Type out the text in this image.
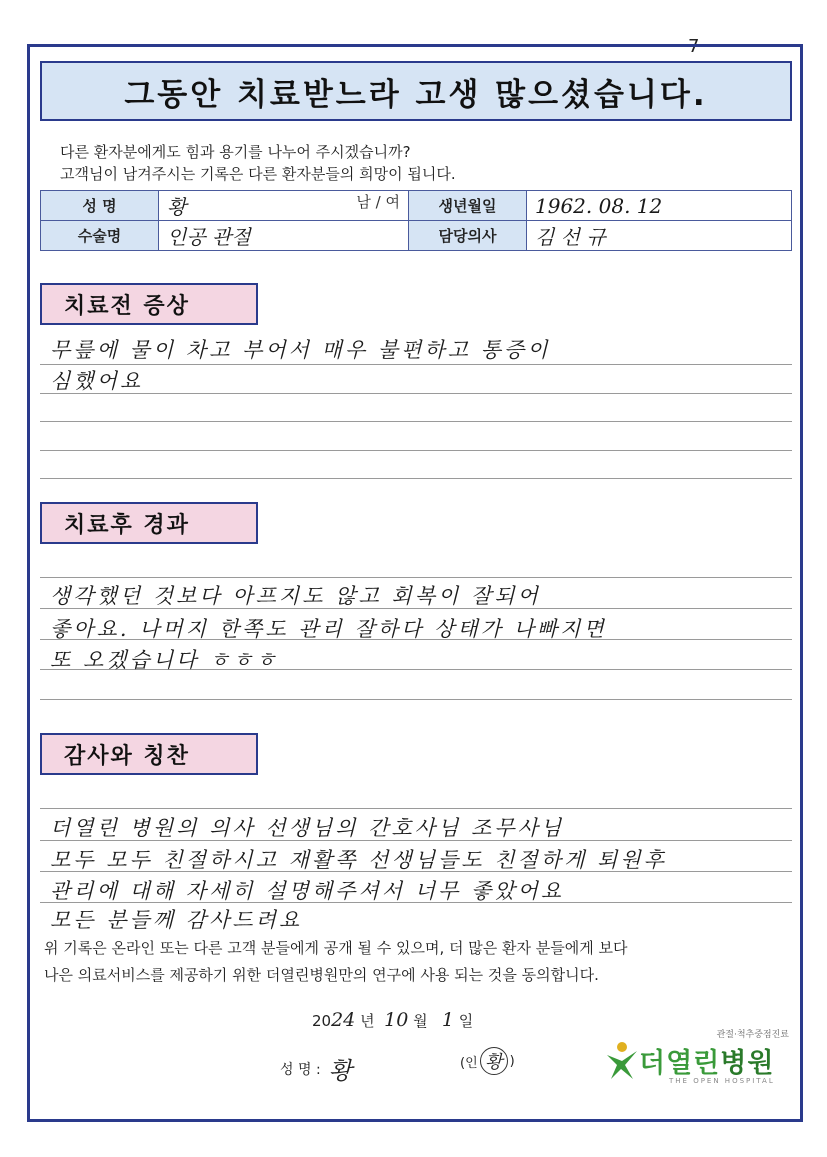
7
그동안 치료받느라 고생 많으셨습니다.
다른 환자분에게도 힘과 용기를 나누어 주시겠습니까?
고객님이 남겨주시는 기록은 다른 환자분들의 희망이 됩니다.
성 명	황 남 / 여	생년월일	1962. 08. 12
수술명	인공 관절	담당의사	김 선 규
치료전 증상
무릎에 물이 차고 부어서 매우 불편하고 통증이
심했어요
치료후 경과
생각했던 것보다 아프지도 않고 회복이 잘되어
좋아요. 나머지 한쪽도 관리 잘하다 상태가 나빠지면
또 오겠습니다 ㅎㅎㅎ
감사와 칭찬
더열린 병원의 의사 선생님의 간호사님 조무사님
모두 모두 친절하시고 재활쪽 선생님들도 친절하게 퇴원후
관리에 대해 자세히 설명해주셔서 너무 좋았어요
모든 분들께 감사드려요
위 기록은 온라인 또는 다른 고객 분들에게 공개 될 수 있으며, 더 많은 환자 분들에게 보다
나은 의료서비스를 제공하기 위한 더열린병원만의 연구에 사용 되는 것을 동의합니다.
2024 년 10 월 1 일
성 명 : 황	(인 황 )
관절·척추중점진료
더열린병원
THE OPEN HOSPITAL
